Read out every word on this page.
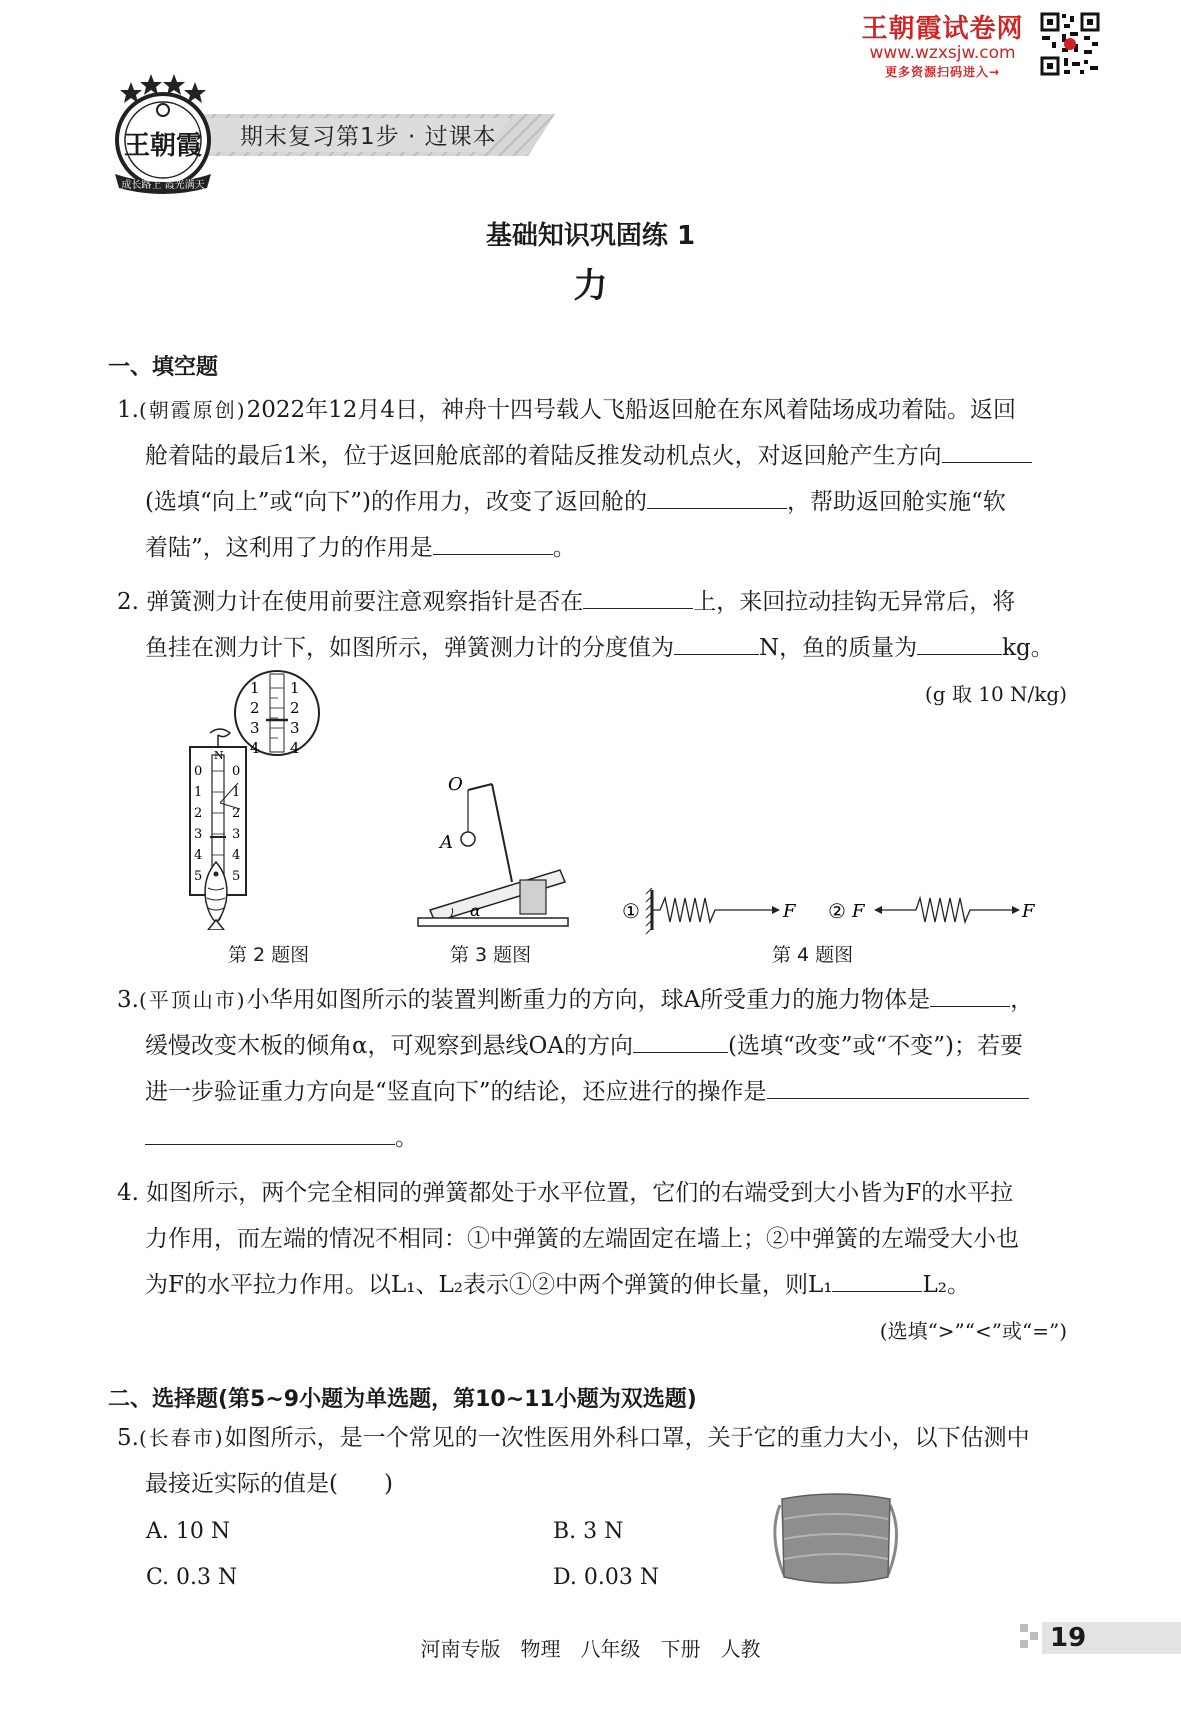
王朝霞试卷网
www.wzxsjw.com
更多资源扫码进入→
期末复习第1步 · 过课本
王朝霞
成长路上 霞光满天
基础知识巩固练 1
力
一、填空题
1.(朝霞原创)2022年12月4日，神舟十四号载人飞船返回舱在东风着陆场成功着陆。返回
舱着陆的最后1米，位于返回舱底部的着陆反推发动机点火，对返回舱产生方向
(选填“向上”或“向下”)的作用力，改变了返回舱的	，帮助返回舱实施“软
着陆”，这利用了力的作用是	。
2. 弹簧测力计在使用前要注意观察指针是否在	上，来回拉动挂钩无异常后，将
鱼挂在测力计下，如图所示，弹簧测力计的分度值为	N，鱼的质量为	kg。
(g 取 10 N/kg)
N
0
1
2
3
4
5
0
1
2
3
4
5
1
2
3
4
1
2
3
4
O
A
α	①	F ② F	F
第 2 题图	第 3 题图	第 4 题图
3.(平顶山市)小华用如图所示的装置判断重力的方向，球A所受重力的施力物体是	，
缓慢改变木板的倾角α，可观察到悬线OA的方向	(选填“改变”或“不变”)；若要
进一步验证重力方向是“竖直向下”的结论，还应进行的操作是
。
4. 如图所示，两个完全相同的弹簧都处于水平位置，它们的右端受到大小皆为F的水平拉
力作用，而左端的情况不相同：①中弹簧的左端固定在墙上；②中弹簧的左端受大小也
为F的水平拉力作用。以L₁、L₂表示①②中两个弹簧的伸长量，则L₁	L₂。
(选填“>”“<”或“=”)
二、选择题(第5~9小题为单选题，第10~11小题为双选题)
5.(长春市)如图所示，是一个常见的一次性医用外科口罩，关于它的重力大小，以下估测中
最接近实际的值是(　　)
A. 10 N	B. 3 N
C. 0.3 N	D. 0.03 N
河南专版　物理　八年级　下册　人教	19
